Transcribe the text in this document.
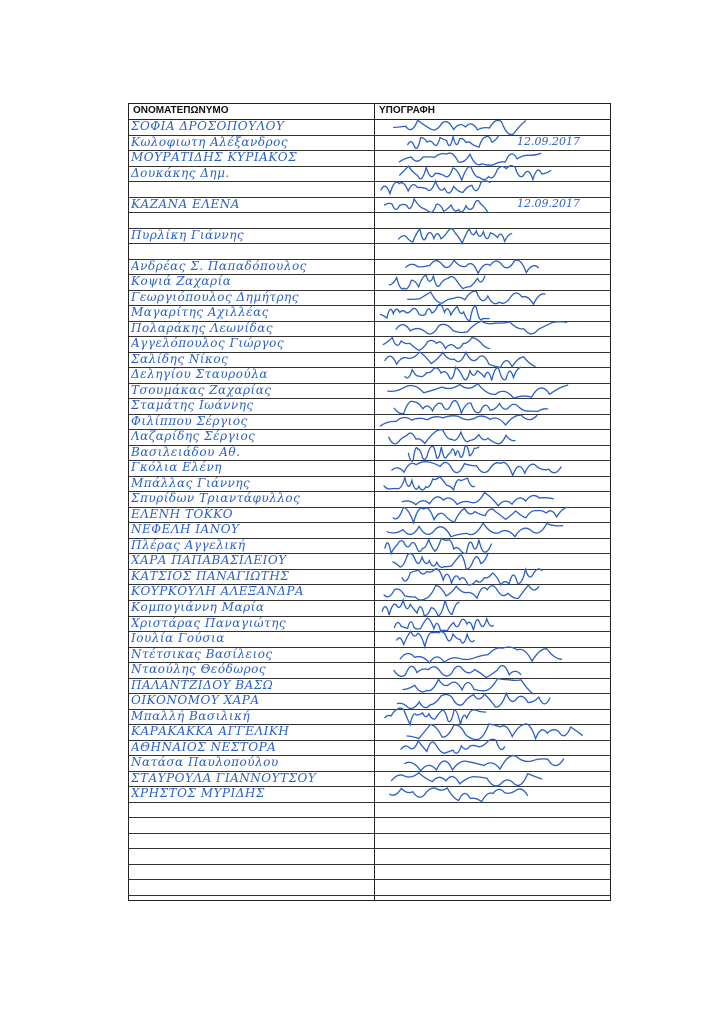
ΟΝΟΜΑΤΕΠΩΝΥΜΟ	ΥΠΟΓΡΑΦΗ
ΣΟΦΙΑ ΔΡΟΣΟΠΟΥΛΟΥ
Κωλοφιωτη Αλέξανδρος	12.09.2017
ΜΟΥΡΑΤΙΔΗΣ ΚΥΡΙΑΚΟΣ
Δουκάκης Δημ.
ΚΑΖΑΝΑ ΕΛΕΝΑ	12.09.2017
Πυρλίκη Γιάννης
Ανδρέας Σ. Παπαδόπουλος
Κοψιά Ζαχαρία
Γεωργιόπουλος Δημήτρης
Μαγαρίτης Αχιλλέας
Πολαράκης Λεωνίδας
Αγγελόπουλος Γιώργος
Σαλίδης Νίκος
Δεληγίου Σταυρούλα
Τσουμάκας Ζαχαρίας
Σταμάτης Ιωάννης
Φιλίππου Σέργιος
Λαζαρίδης Σέργιος
Βασιλειάδου Αθ.
Γκόλια Ελένη
Μπάλλας Γιάννης
Σπυρίδων Τριαντάφυλλος
ΕΛΕΝΗ ΤΟΚΚΟ
ΝΕΦΕΛΗ ΙΑΝΟΥ
Πλέρας Αγγελική
ΧΑΡΑ ΠΑΠΑΒΑΣΙΛΕΙΟΥ
ΚΑΤΣΙΟΣ ΠΑΝΑΓΙΩΤΗΣ
ΚΟΥΡΚΟΥΛΗ ΑΛΕΞΑΝΔΡΑ
Κομπογιάννη Μαρία
Χριστάρας Παναγιώτης
Ιουλία Γούσια
Ντέτσικας Βασίλειος
Νταούλης Θεόδωρος
ΠΑΛΑΝΤΖΙΔΟΥ ΒΑΣΩ
ΟΙΚΟΝΟΜΟΥ ΧΑΡΑ
Μπαλλή Βασιλική
ΚΑΡΑΚΑΚΚΑ ΑΓΓΕΛΙΚΗ
ΑΘΗΝΑΙΟΣ ΝΕΣΤΟΡΑ
Νατάσα Παυλοπούλου
ΣΤΑΥΡΟΥΛΑ ΓΙΑΝΝΟΥΤΣΟΥ
ΧΡΗΣΤΟΣ ΜΥΡΙΔΗΣ
